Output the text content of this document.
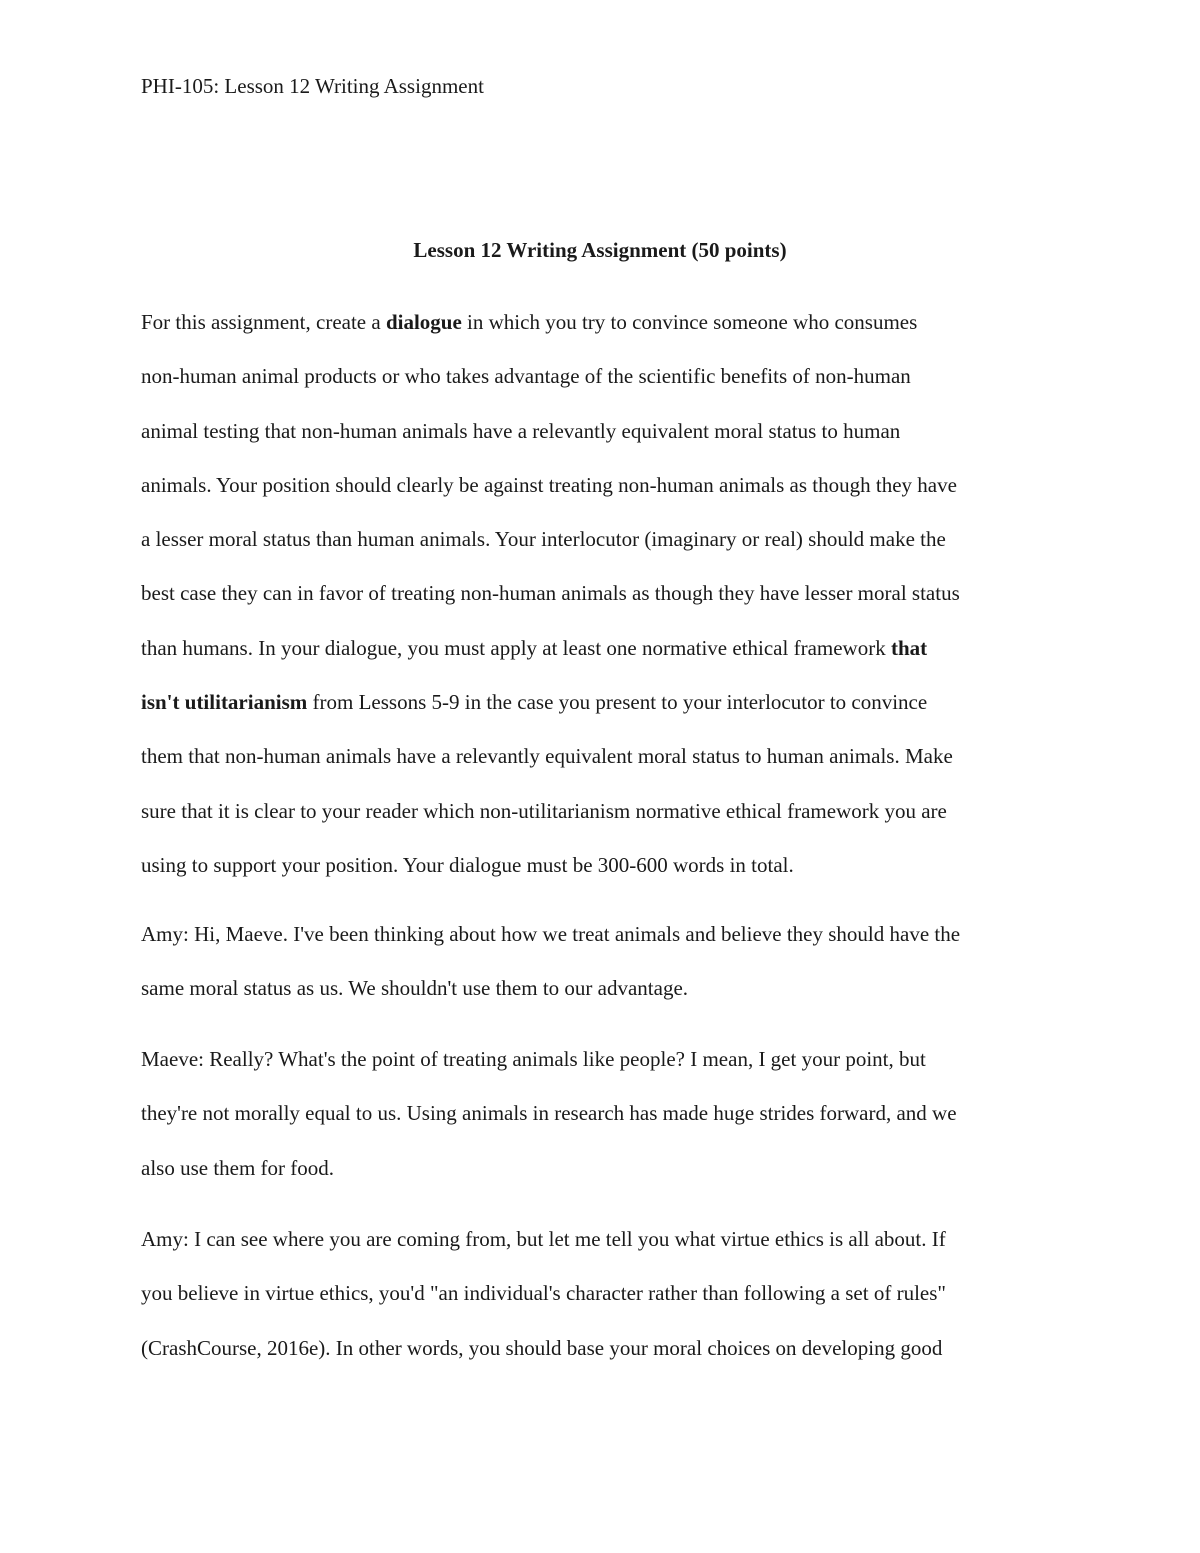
PHI-105: Lesson 12 Writing Assignment
Lesson 12 Writing Assignment (50 points)
For this assignment, create a dialogue in which you try to convince someone who consumes
non-human animal products or who takes advantage of the scientific benefits of non-human
animal testing that non-human animals have a relevantly equivalent moral status to human
animals. Your position should clearly be against treating non-human animals as though they have
a lesser moral status than human animals. Your interlocutor (imaginary or real) should make the
best case they can in favor of treating non-human animals as though they have lesser moral status
than humans. In your dialogue, you must apply at least one normative ethical framework that
isn't utilitarianism from Lessons 5-9 in the case you present to your interlocutor to convince
them that non-human animals have a relevantly equivalent moral status to human animals. Make
sure that it is clear to your reader which non-utilitarianism normative ethical framework you are
using to support your position. Your dialogue must be 300-600 words in total.
Amy: Hi, Maeve. I've been thinking about how we treat animals and believe they should have the
same moral status as us. We shouldn't use them to our advantage.
Maeve: Really? What's the point of treating animals like people? I mean, I get your point, but
they're not morally equal to us. Using animals in research has made huge strides forward, and we
also use them for food.
Amy: I can see where you are coming from, but let me tell you what virtue ethics is all about. If
you believe in virtue ethics, you'd "an individual's character rather than following a set of rules"
(CrashCourse, 2016e). In other words, you should base your moral choices on developing good
